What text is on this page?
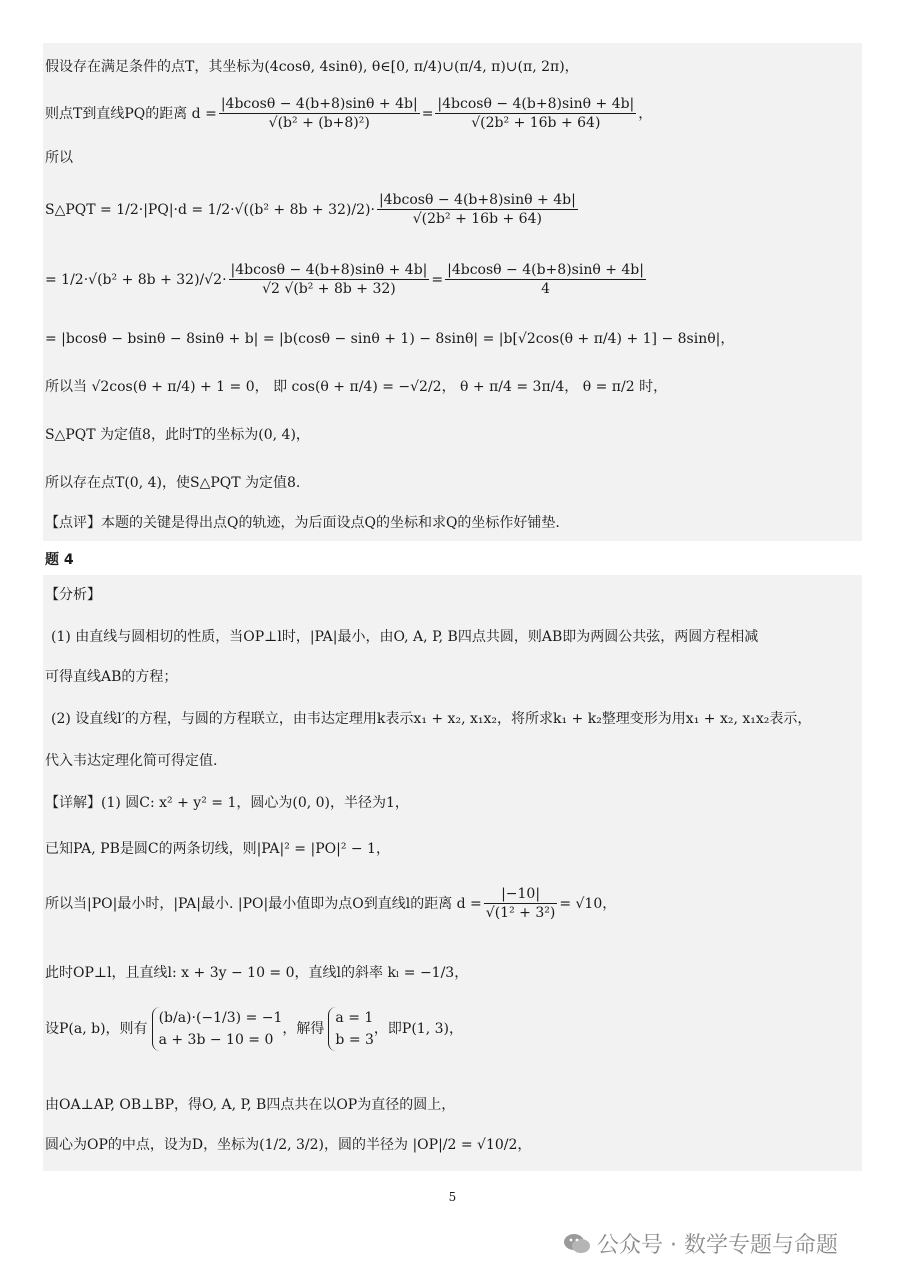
假设存在满足条件的点T，其坐标为(4cosθ, 4sinθ), θ∈[0, π/4)∪(π/4, π)∪(π, 2π)，
则点T到直线PQ的距离 $d = \frac{|4bcos\theta - 4(b+8)\sin\theta + 4b|}{\text{√(b² + (b+8)²)}} = \frac{|4bcos\theta - 4(b+8)\sin\theta + 4b|}{\text{√(2b² + 16b + 64)}}$ ，
所以
S△PQT = $1/2\cdot|PQ|\cdot d = 1/2\cdot√((b^2 + 8b + 32)/2)\cdot \frac{|4bcos\theta - 4(b+8)\sin\theta + 4b|}{\text{√(2b² + 16b + 64)}}$
= $1/2\cdot√(b^2 + 8b + 32)/√2\cdot \frac{|4bcos\theta - 4(b+8)\sin\theta + 4b|}{\text{√2 √(b² + 8b + 32)}} = \frac{|4bcos\theta - 4(b+8)\sin\theta + 4b|}{4}$
= |bcosθ − bsinθ − 8sinθ + b| = |b(cosθ − sinθ + 1) − 8sinθ| = |b[√2cos(θ + π/4) + 1] − 8sinθ|，
所以当 √2cos(θ + π/4) + 1 = 0， 即 cos(θ + π/4) = −√2/2， θ + π/4 = 3π/4， θ = π/2 时，
S△PQT 为定值8，此时T的坐标为(0, 4)，
所以存在点T(0, 4)，使S△PQT 为定值8.
【点评】本题的关键是得出点Q的轨迹，为后面设点Q的坐标和求Q的坐标作好铺垫.
题 4
【分析】
(1) 由直线与圆相切的性质，当OP⊥l时，|PA|最小，由O, A, P, B四点共圆，则AB即为两圆公共弦，两圆方程相减
可得直线AB的方程；
(2) 设直线l′的方程，与圆的方程联立，由韦达定理用k表示x₁ + x₂, x₁x₂，将所求k₁ + k₂整理变形为用x₁ + x₂, x₁x₂表示，
代入韦达定理化简可得定值.
【详解】(1) 圆C: x² + y² = 1，圆心为(0, 0)，半径为1，
已知PA, PB是圆C的两条切线，则|PA|² = |PO|² − 1，
所以当|PO|最小时，|PA|最小. |PO|最小值即为点O到直线l的距离 $d = \frac{|-10|}{\text{√(1² + 3²)}} = √10$，
此时OP⊥l，且直线l: x + 3y − 10 = 0，直线l的斜率 kₗ = −1/3，
设P(a, b)，则有
(b/a)·(−1/3) = −1
a + 3b − 10 = 0
，解得
a = 1
b = 3
，即P(1, 3)，
由OA⊥AP, OB⊥BP，得O, A, P, B四点共在以OP为直径的圆上，
圆心为OP的中点，设为D，坐标为(1/2, 3/2)，圆的半径为 |OP|/2 = √10/2，
5
公众号 · 数学专题与命题
